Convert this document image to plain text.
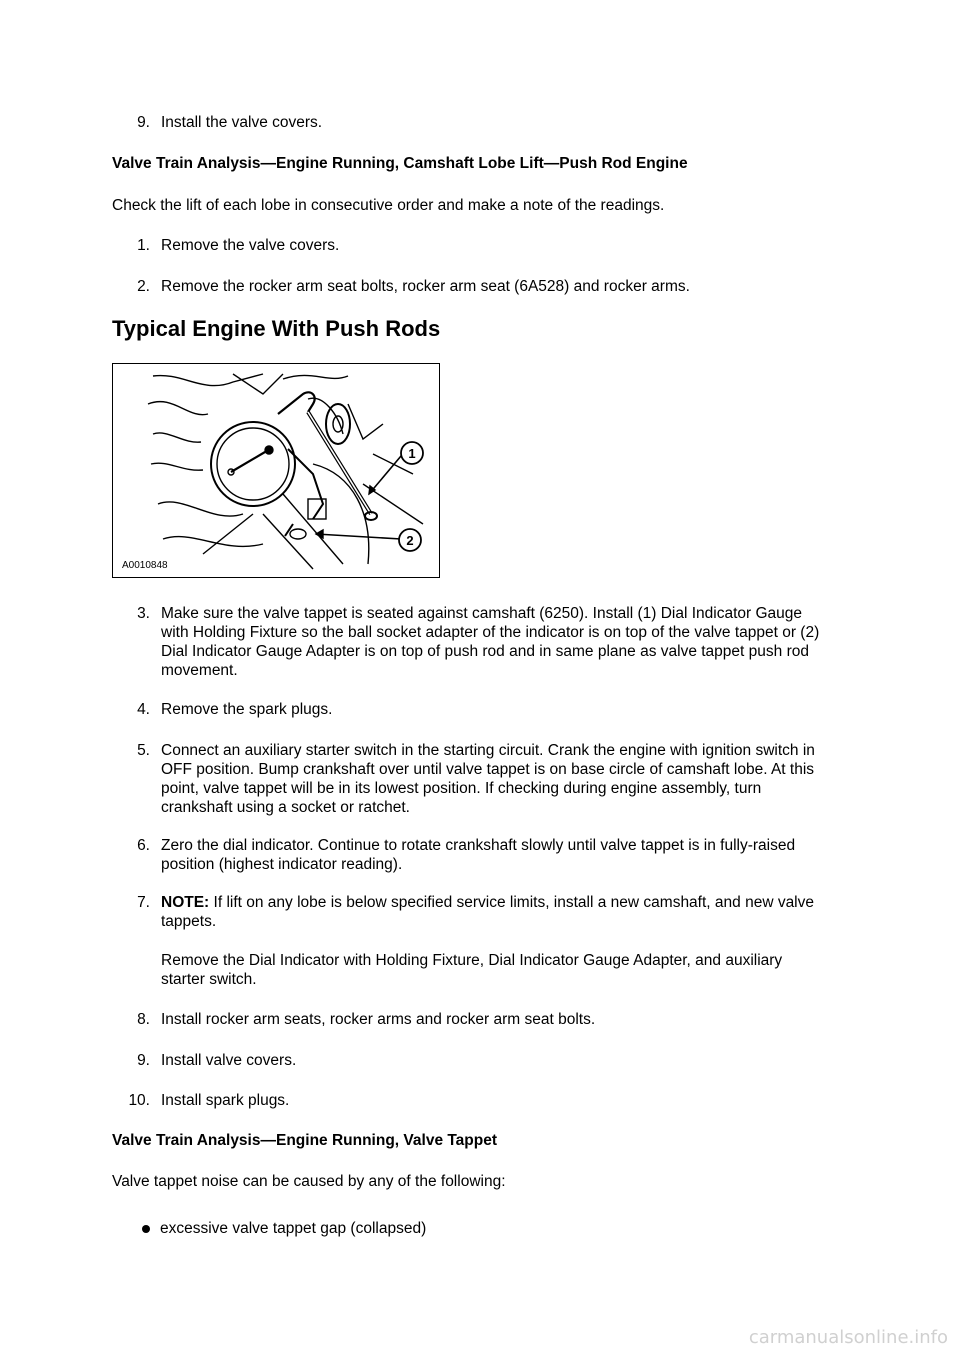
9. Install the valve covers.
Valve Train Analysis—Engine Running, Camshaft Lobe Lift—Push Rod Engine
Check the lift of each lobe in consecutive order and make a note of the readings.
1. Remove the valve covers.
2. Remove the rocker arm seat bolts, rocker arm seat (6A528) and rocker arms.
Typical Engine With Push Rods
1
2
A0010848
3. Make sure the valve tappet is seated against camshaft (6250). Install (1) Dial Indicator Gauge
with Holding Fixture so the ball socket adapter of the indicator is on top of the valve tappet or (2)
Dial Indicator Gauge Adapter is on top of push rod and in same plane as valve tappet push rod
movement.
4. Remove the spark plugs.
5. Connect an auxiliary starter switch in the starting circuit. Crank the engine with ignition switch in
OFF position. Bump crankshaft over until valve tappet is on base circle of camshaft lobe. At this
point, valve tappet will be in its lowest position. If checking during engine assembly, turn
crankshaft using a socket or ratchet.
6. Zero the dial indicator. Continue to rotate crankshaft slowly until valve tappet is in fully-raised
position (highest indicator reading).
7. NOTE: If lift on any lobe is below specified service limits, install a new camshaft, and new valve
tappets.
Remove the Dial Indicator with Holding Fixture, Dial Indicator Gauge Adapter, and auxiliary
starter switch.
8. Install rocker arm seats, rocker arms and rocker arm seat bolts.
9. Install valve covers.
10. Install spark plugs.
Valve Train Analysis—Engine Running, Valve Tappet
Valve tappet noise can be caused by any of the following:
excessive valve tappet gap (collapsed)
carmanualsonline.info
